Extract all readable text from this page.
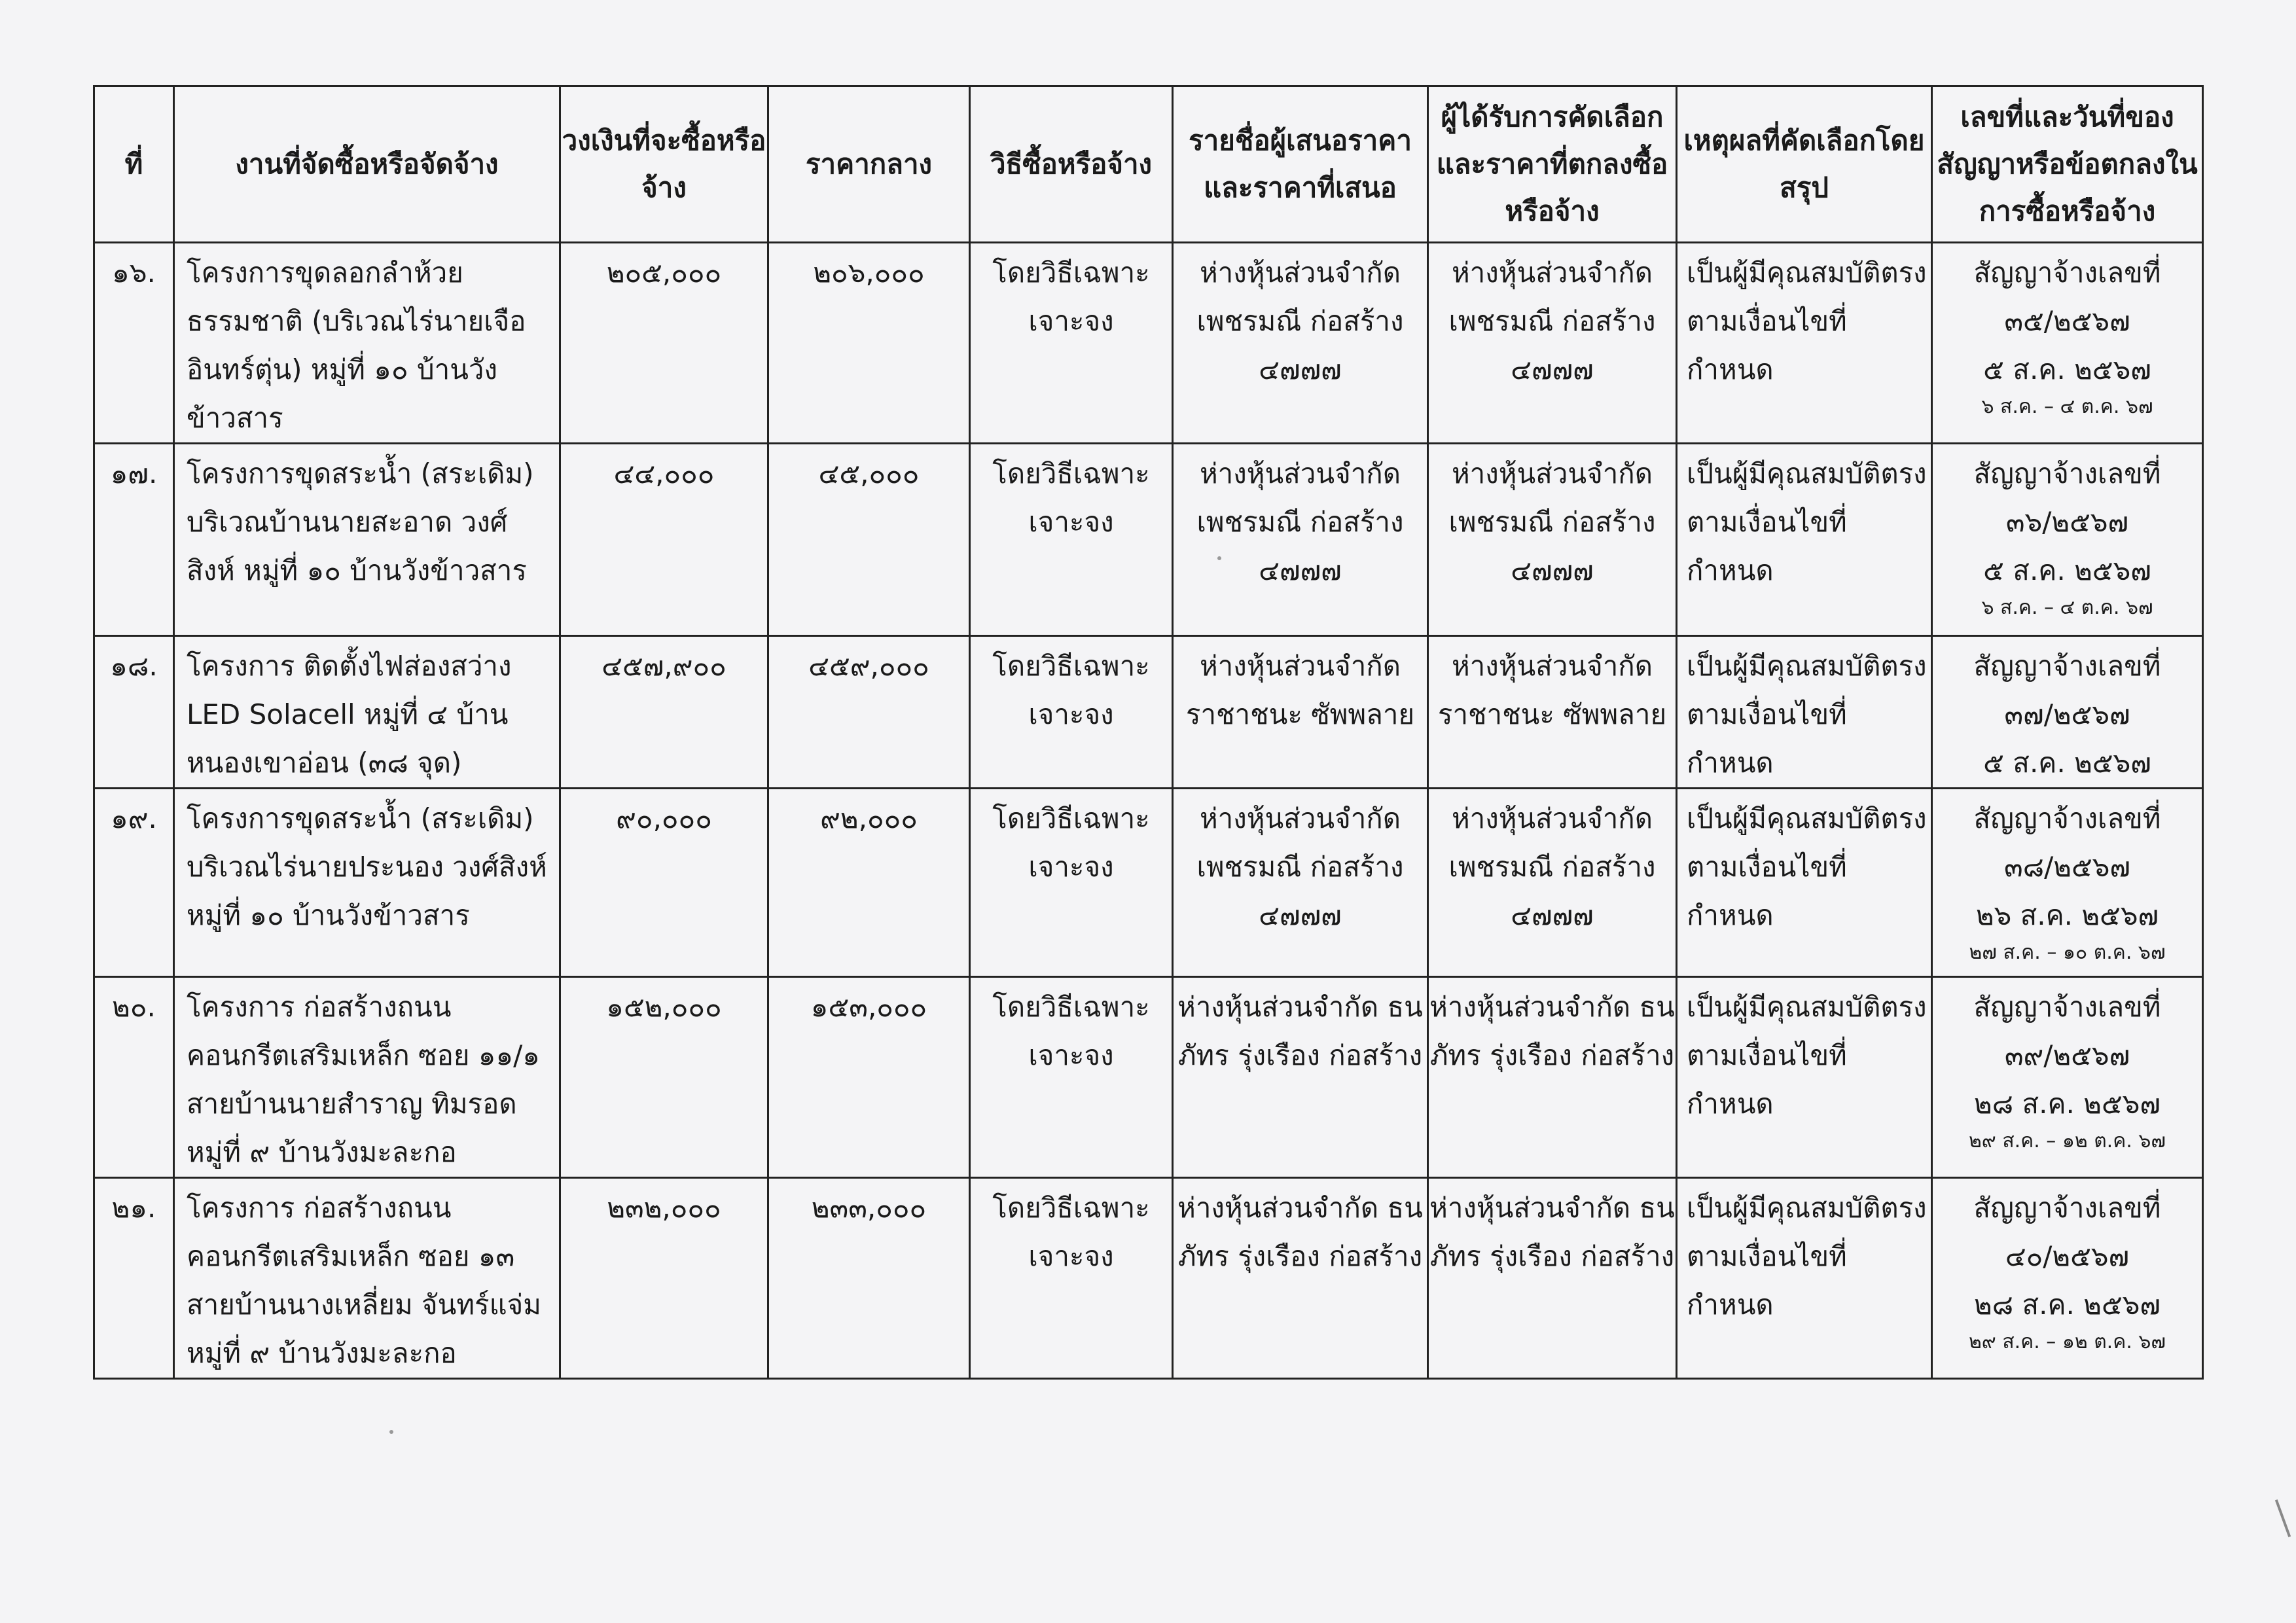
ที่	งานที่จัดซื้อหรือจัดจ้าง	วงเงินที่จะซื้อหรือจ้าง	ราคากลาง	วิธีซื้อหรือจ้าง	รายชื่อผู้เสนอราคาและราคาที่เสนอ	ผู้ได้รับการคัดเลือกและราคาที่ตกลงซื้อหรือจ้าง	เหตุผลที่คัดเลือกโดยสรุป	เลขที่และวันที่ของสัญญาหรือข้อตกลงในการซื้อหรือจ้าง
๑๖.	โครงการขุดลอกลำห้วยธรรมชาติ (บริเวณไร่นายเจืออินทร์ตุ่น) หมู่ที่ ๑๐ บ้านวังข้าวสาร	๒๐๕,๐๐๐	๒๐๖,๐๐๐	โดยวิธีเฉพาะเจาะจง	ห่างหุ้นส่วนจำกัด เพชรมณี ก่อสร้าง ๔๗๗๗	ห่างหุ้นส่วนจำกัด เพชรมณี ก่อสร้าง ๔๗๗๗	เป็นผู้มีคุณสมบัติตรงตามเงื่อนไขที่กำหนด	สัญญาจ้างเลขที่
๓๕/๒๕๖๗
๕ ส.ค. ๒๕๖๗
๖ ส.ค. – ๔ ต.ค. ๖๗

๑๗.	โครงการขุดสระน้ำ (สระเดิม) บริเวณบ้านนายสะอาด วงศ์สิงห์ หมู่ที่ ๑๐ บ้านวังข้าวสาร	๔๔,๐๐๐	๔๕,๐๐๐	โดยวิธีเฉพาะเจาะจง	ห่างหุ้นส่วนจำกัด เพชรมณี ก่อสร้าง ๔๗๗๗	ห่างหุ้นส่วนจำกัด เพชรมณี ก่อสร้าง ๔๗๗๗	เป็นผู้มีคุณสมบัติตรงตามเงื่อนไขที่กำหนด	สัญญาจ้างเลขที่
๓๖/๒๕๖๗
๕ ส.ค. ๒๕๖๗
๖ ส.ค. – ๔ ต.ค. ๖๗

๑๘.	โครงการ ติดตั้งไฟส่องสว่าง LED Solacell หมู่ที่ ๔ บ้านหนองเขาอ่อน (๓๘ จุด)	๔๕๗,๙๐๐	๔๕๙,๐๐๐	โดยวิธีเฉพาะเจาะจง	ห่างหุ้นส่วนจำกัด ราชาชนะ ซัพพลาย	ห่างหุ้นส่วนจำกัด ราชาชนะ ซัพพลาย	เป็นผู้มีคุณสมบัติตรงตามเงื่อนไขที่กำหนด	สัญญาจ้างเลขที่
๓๗/๒๕๖๗
๕ ส.ค. ๒๕๖๗

๑๙.	โครงการขุดสระน้ำ (สระเดิม) บริเวณไร่นายประนอง วงศ์สิงห์ หมู่ที่ ๑๐ บ้านวังข้าวสาร	๙๐,๐๐๐	๙๒,๐๐๐	โดยวิธีเฉพาะเจาะจง	ห่างหุ้นส่วนจำกัด เพชรมณี ก่อสร้าง ๔๗๗๗	ห่างหุ้นส่วนจำกัด เพชรมณี ก่อสร้าง ๔๗๗๗	เป็นผู้มีคุณสมบัติตรงตามเงื่อนไขที่กำหนด	สัญญาจ้างเลขที่
๓๘/๒๕๖๗
๒๖ ส.ค. ๒๕๖๗
๒๗ ส.ค. – ๑๐ ต.ค. ๖๗

๒๐.	โครงการ ก่อสร้างถนนคอนกรีตเสริมเหล็ก ซอย ๑๑/๑ สายบ้านนายสำราญ ทิมรอด หมู่ที่ ๙ บ้านวังมะละกอ	๑๕๒,๐๐๐	๑๕๓,๐๐๐	โดยวิธีเฉพาะเจาะจง	ห่างหุ้นส่วนจำกัด ธนภัทร รุ่งเรือง ก่อสร้าง	ห่างหุ้นส่วนจำกัด ธนภัทร รุ่งเรือง ก่อสร้าง	เป็นผู้มีคุณสมบัติตรงตามเงื่อนไขที่กำหนด	สัญญาจ้างเลขที่
๓๙/๒๕๖๗
๒๘ ส.ค. ๒๕๖๗
๒๙ ส.ค. – ๑๒ ต.ค. ๖๗

๒๑.	โครงการ ก่อสร้างถนนคอนกรีตเสริมเหล็ก ซอย ๑๓ สายบ้านนางเหลี่ยม จันทร์แจ่ม หมู่ที่ ๙ บ้านวังมะละกอ	๒๓๒,๐๐๐	๒๓๓,๐๐๐	โดยวิธีเฉพาะเจาะจง	ห่างหุ้นส่วนจำกัด ธนภัทร รุ่งเรือง ก่อสร้าง	ห่างหุ้นส่วนจำกัด ธนภัทร รุ่งเรือง ก่อสร้าง	เป็นผู้มีคุณสมบัติตรงตามเงื่อนไขที่กำหนด	สัญญาจ้างเลขที่
๔๐/๒๕๖๗
๒๘ ส.ค. ๒๕๖๗
๒๙ ส.ค. – ๑๒ ต.ค. ๖๗
